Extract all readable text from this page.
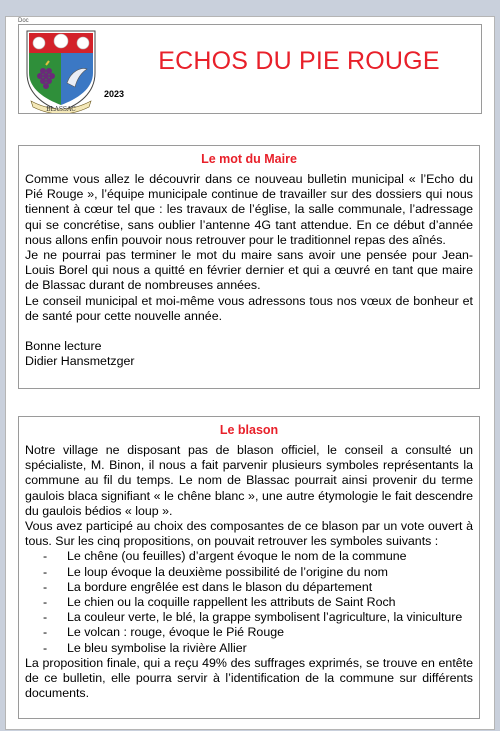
Doc
BLASSAC
ECHOS DU PIE ROUGE
2023
Le mot du Maire

Comme vous allez le découvrir dans ce nouveau bulletin municipal « l’Echo du Pié Rouge », l’équipe municipale continue de travailler sur des dossiers qui nous tiennent à cœur tel que : les travaux de l’église, la salle communale, l’adressage qui se concrétise, sans oublier l’antenne 4G tant attendue. En ce début d’année nous allons enfin pouvoir nous retrouver pour le traditionnel repas des aînés.

Je ne pourrai pas terminer le mot du maire sans avoir une pensée pour Jean-Louis Borel qui nous a quitté en février dernier et qui a œuvré en tant que maire de Blassac durant de nombreuses années.

Le conseil municipal et moi-même vous adressons tous nos vœux de bonheur et de santé pour cette nouvelle année.

Bonne lecture

Didier Hansmetzger

Le blason

Notre village ne disposant pas de blason officiel, le conseil a consulté un spécialiste, M. Binon, il nous a fait parvenir plusieurs symboles représentants la commune au fil du temps. Le nom de Blassac pourrait ainsi provenir du terme gaulois blaca signifiant « le chêne blanc », une autre étymologie le fait descendre du gaulois bédios « loup ».

Vous avez participé au choix des composantes de ce blason par un vote ouvert à tous. Sur les cinq propositions, on pouvait retrouver les symboles suivants :

- Le chêne (ou feuilles) d’argent évoque le nom de la commune
- Le loup évoque la deuxième possibilité de l’origine du nom
- La bordure engrêlée est dans le blason du département
- Le chien ou la coquille rappellent les attributs de Saint Roch
- La couleur verte, le blé, la grappe symbolisent l’agriculture, la viniculture
- Le volcan : rouge, évoque le Pié Rouge
- Le bleu symbolise la rivière Allier

La proposition finale, qui a reçu 49% des suffrages exprimés, se trouve en entête de ce bulletin, elle pourra servir à l’identification de la commune sur différents documents.
